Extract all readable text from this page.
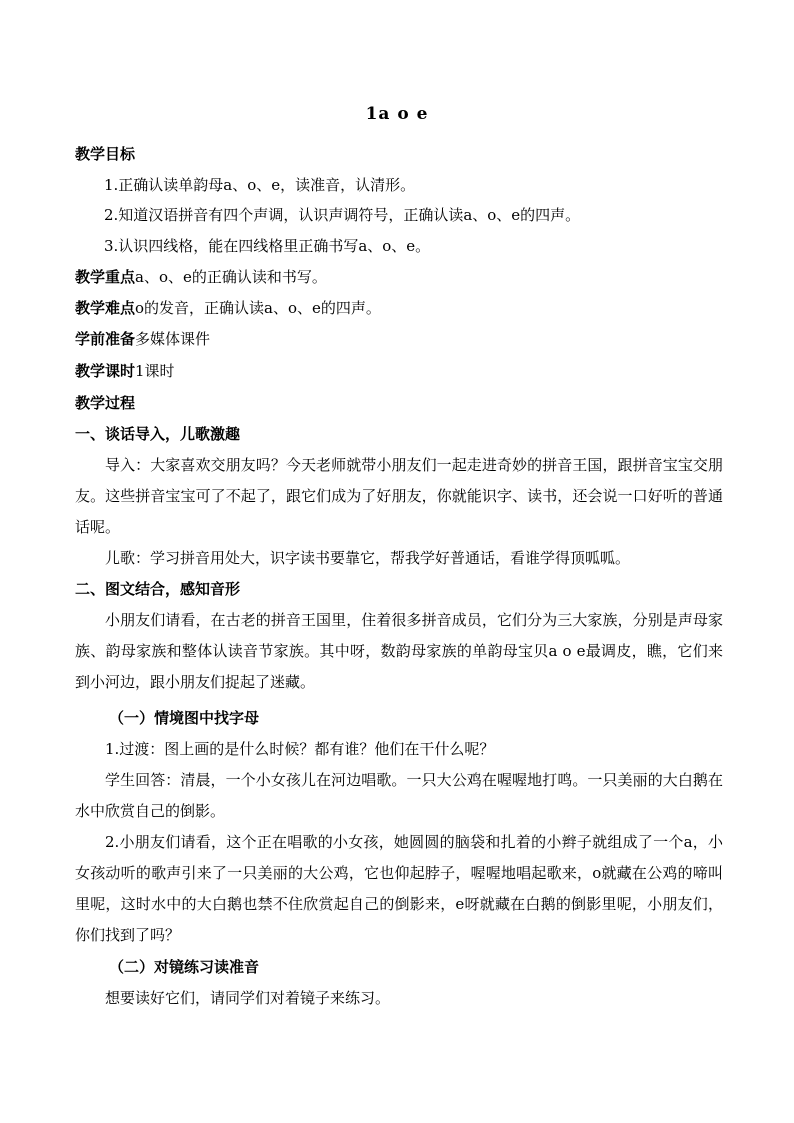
1a o e
教学目标
1.正确认读单韵母a、o、e，读准音，认清形。
2.知道汉语拼音有四个声调，认识声调符号，正确认读a、o、e的四声。
3.认识四线格，能在四线格里正确书写a、o、e。
教学重点a、o、e的正确认读和书写。
教学难点o的发音，正确认读a、o、e的四声。
学前准备多媒体课件
教学课时1课时
教学过程
一、谈话导入，儿歌激趣
导入：大家喜欢交朋友吗？今天老师就带小朋友们一起走进奇妙的拼音王国，跟拼音宝宝交朋友。这些拼音宝宝可了不起了，跟它们成为了好朋友，你就能识字、读书，还会说一口好听的普通话呢。
儿歌：学习拼音用处大，识字读书要靠它，帮我学好普通话，看谁学得顶呱呱。
二、图文结合，感知音形
小朋友们请看，在古老的拼音王国里，住着很多拼音成员，它们分为三大家族，分别是声母家族、韵母家族和整体认读音节家族。其中呀，数韵母家族的单韵母宝贝a o e最调皮，瞧，它们来到小河边，跟小朋友们捉起了迷藏。
（一）情境图中找字母
1.过渡：图上画的是什么时候？都有谁？他们在干什么呢？
学生回答：清晨，一个小女孩儿在河边唱歌。一只大公鸡在喔喔地打鸣。一只美丽的大白鹅在水中欣赏自己的倒影。
2.小朋友们请看，这个正在唱歌的小女孩，她圆圆的脑袋和扎着的小辫子就组成了一个a，小女孩动听的歌声引来了一只美丽的大公鸡，它也仰起脖子，喔喔地唱起歌来，o就藏在公鸡的啼叫里呢，这时水中的大白鹅也禁不住欣赏起自己的倒影来，e呀就藏在白鹅的倒影里呢，小朋友们，你们找到了吗？
（二）对镜练习读准音
想要读好它们，请同学们对着镜子来练习。
